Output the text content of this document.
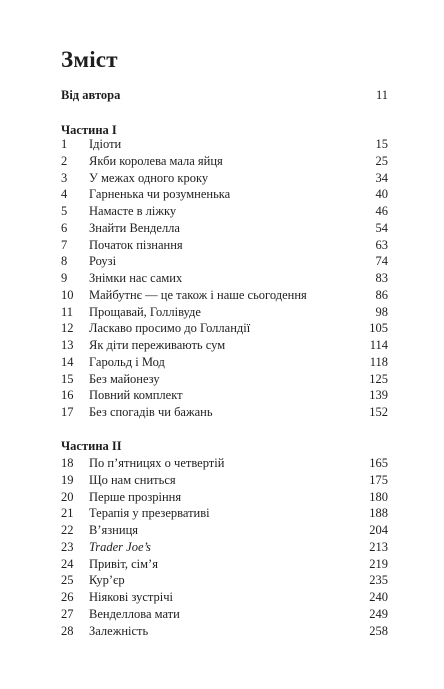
Зміст
Від автора	11
Частина I
1 Ідіоти	15
2 Якби королева мала яйця	25
3 У межах одного кроку	34
4 Гарненька чи розумненька	40
5 Намасте в ліжку	46
6 Знайти Венделла	54
7 Початок пізнання	63
8 Роузі	74
9 Знімки нас самих	83
10 Майбутнє — це також і наше сьогодення	86
11 Прощавай, Голлівуде	98
12 Ласкаво просимо до Голландії	105
13 Як діти переживають сум	114
14 Гарольд і Мод	118
15 Без майонезу	125
16 Повний комплект	139
17 Без спогадів чи бажань	152
Частина II
18 По п’ятницях о четвертій	165
19 Що нам сниться	175
20 Перше прозріння	180
21 Терапія у презервативі	188
22 В’язниця	204
23 Trader Joe’s	213
24 Привіт, сім’я	219
25 Кур’єр	235
26 Ніякові зустрічі	240
27 Венделлова мати	249
28 Залежність	258
